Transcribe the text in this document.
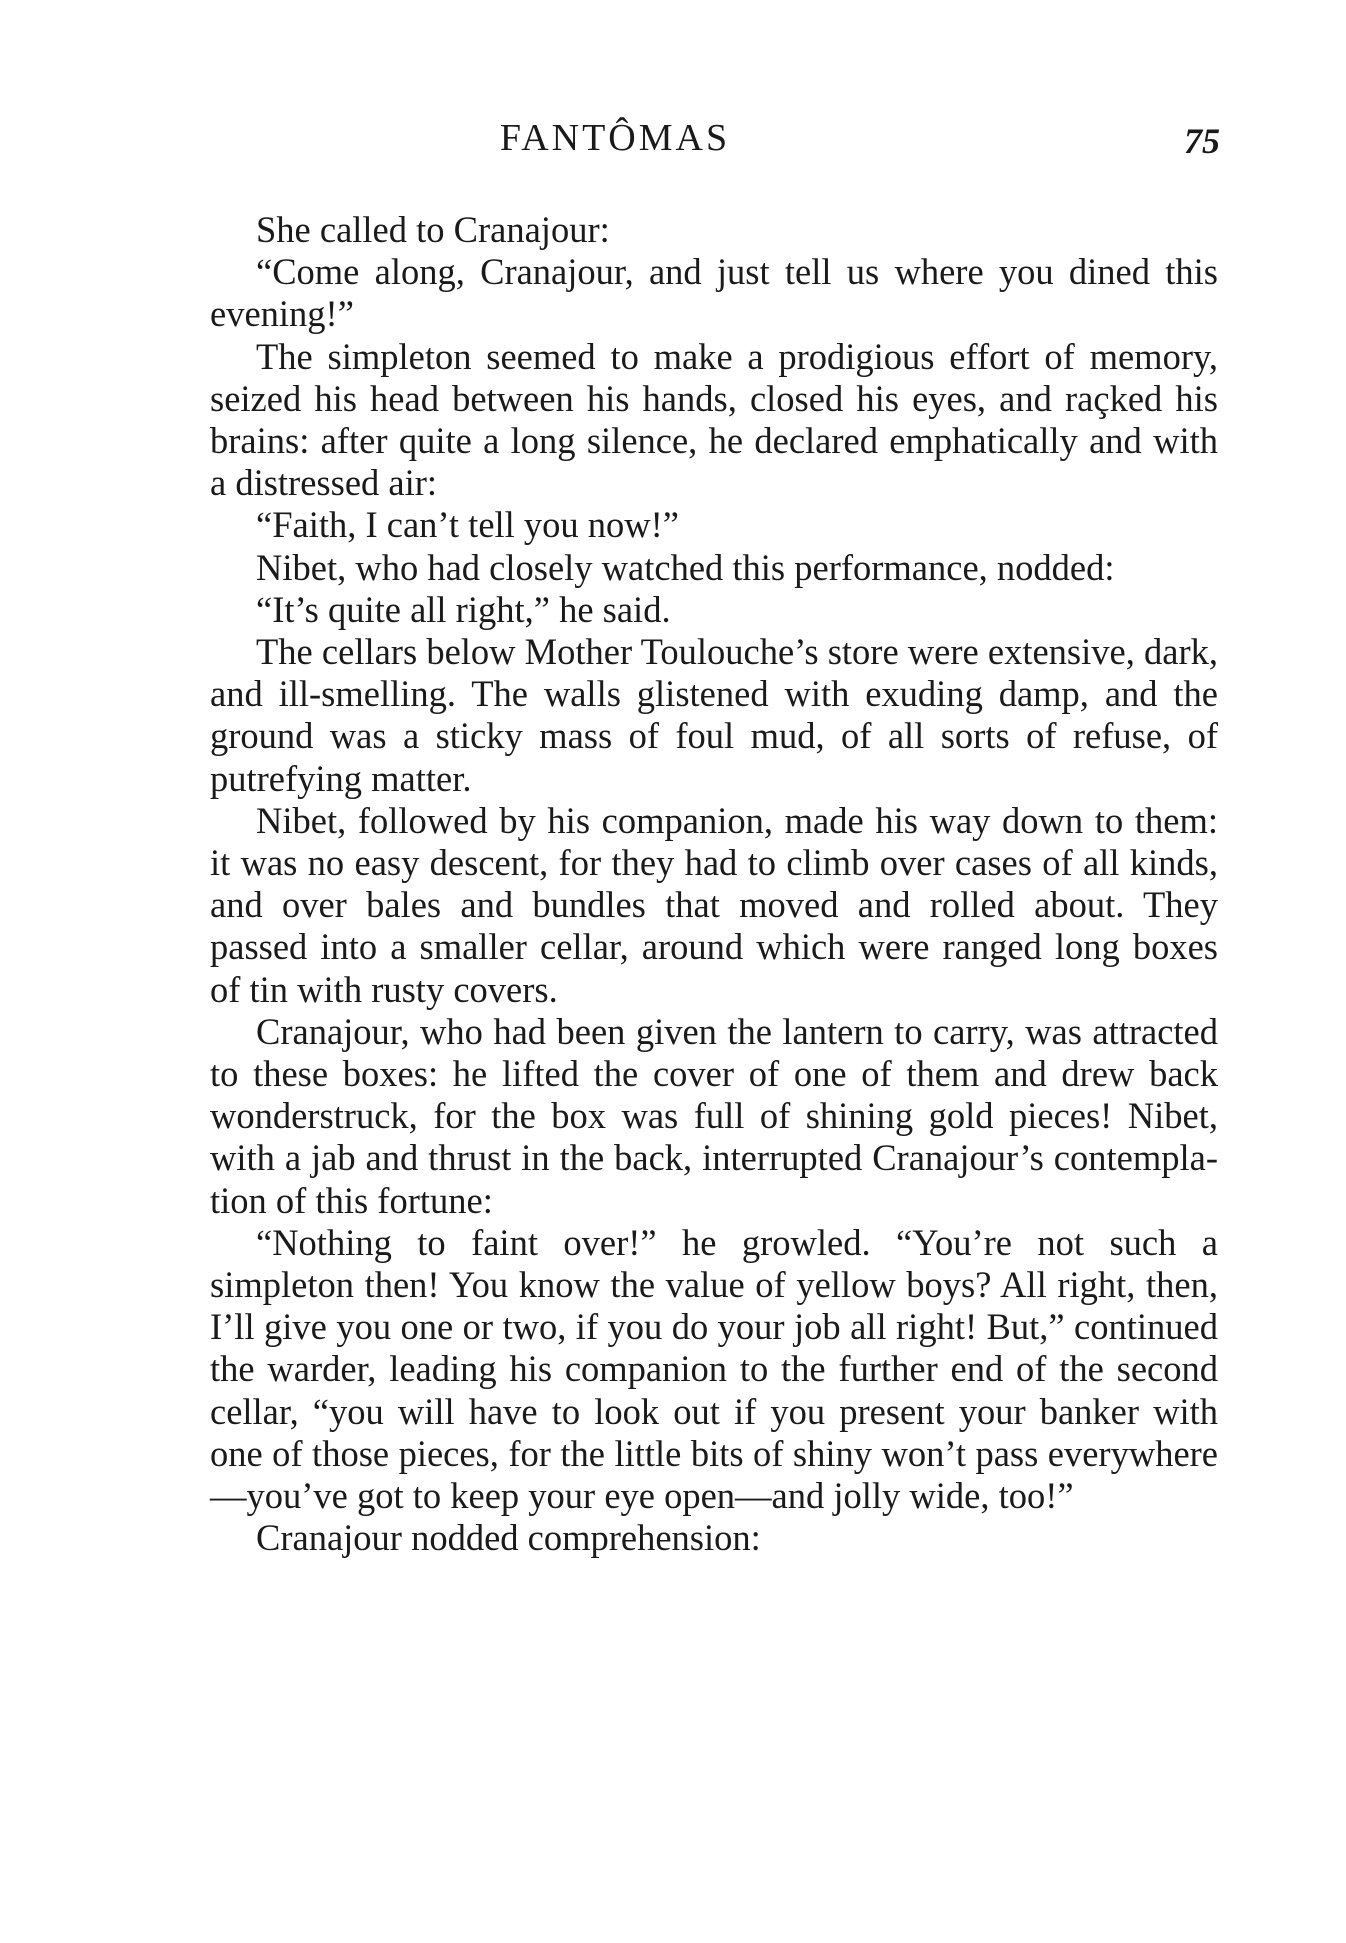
FANTÔMAS	75

She called to Cranajour:

“Come along, Cranajour, and just tell us where you dined this evening!”

The simpleton seemed to make a prodigious effort of memory, seized his head between his hands, closed his eyes, and raçked his brains: after quite a long silence, he declared emphatically and with a distressed air:

“Faith, I can’t tell you now!”

Nibet, who had closely watched this performance, nodded:

“It’s quite all right,” he said.

The cellars below Mother Toulouche’s store were extensive, dark, and ill-smelling. The walls glistened with exuding damp, and the ground was a sticky mass of foul mud, of all sorts of refuse, of putrefying matter.

Nibet, followed by his companion, made his way down to them: it was no easy descent, for they had to climb over cases of all kinds, and over bales and bundles that moved and rolled about. They passed into a smaller cellar, around which were ranged long boxes of tin with rusty covers.

Cranajour, who had been given the lantern to carry, was attracted to these boxes: he lifted the cover of one of them and drew back wonderstruck, for the box was full of shining gold pieces! Nibet, with a jab and thrust in the back, interrupted Cranajour’s contemplation of this fortune:

“Nothing to faint over!” he growled. “You’re not such a simpleton then! You know the value of yellow boys? All right, then, I’ll give you one or two, if you do your job all right! But,” continued the warder, leading his companion to the further end of the second cellar, “you will have to look out if you present your banker with one of those pieces, for the little bits of shiny won’t pass everywhere—you’ve got to keep your eye open—and jolly wide, too!”

Cranajour nodded comprehension:
